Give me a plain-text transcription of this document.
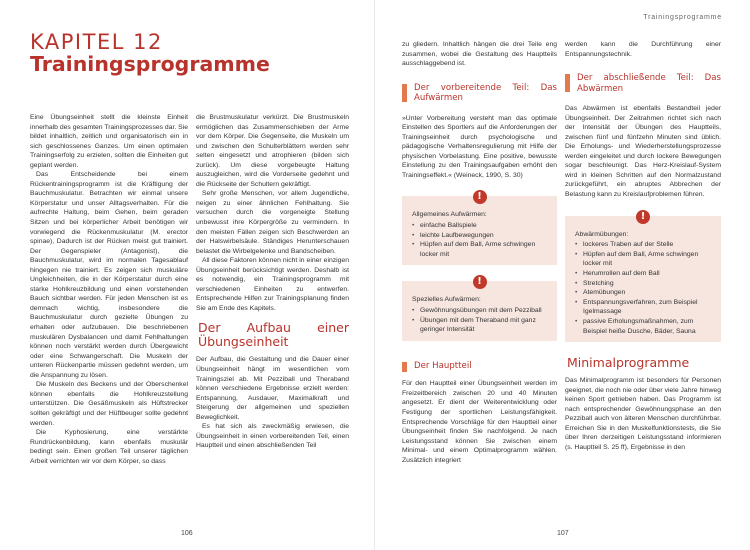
KAPITEL 12
Trainingsprogramme

Eine Übungseinheit stellt die kleinste Einheit innerhalb des gesamten Trainingsprozesses dar. Sie bildet inhaltlich, zeitlich und organisatorisch ein in sich geschlossenes Ganzes. Um einen optimalen Trainingserfolg zu erzielen, sollten die Einheiten gut geplant werden.

Das Entscheidende bei einem Rückentrainingsprogramm ist die Kräftigung der Bauchmuskulatur. Betrachten wir einmal unsere Körperstatur und unser Alltagsverhalten. Für die aufrechte Haltung, beim Gehen, beim geraden Sitzen und bei körperlicher Arbeit benötigen wir vorwiegend die Rückenmuskulatur (M. erector spinae), Dadurch ist der Rücken meist gut trainiert. Der Gegenspieler (Antagonist), die Bauchmuskulatur, wird im normalen Tagesablauf hingegen nie trainiert. Es zeigen sich muskuläre Ungleichheiten, die in der Körperstatur durch eine starke Hohlkreuzbildung und einen vorstehenden Bauch sichtbar werden. Für jeden Menschen ist es demnach wichtig, insbesondere die Bauchmuskulatur durch gezielte Übungen zu erhalten oder aufzubauen. Die beschriebenen muskulären Dysbalancen und damit Fehlhaltungen können noch verstärkt werden durch Übergewicht oder eine Schwangerschaft. Die Muskeln der unteren Rückenpartie müssen gedehnt werden, um die Anspannung zu lösen.

Die Muskeln des Beckens und der Oberschenkel können ebenfalls die Hohlkreuzstellung unterstützen. Die Gesäßmuskeln als Hüftstrecker sollten gekräftigt und der Hüftbeuger sollte gedehnt werden.

Die Kyphosierung, eine verstärkte Rundrückenbildung, kann ebenfalls muskulär bedingt sein. Einen großen Teil unserer täglichen Arbeit verrichten wir vor dem Körper, so dass

die Brustmuskulatur verkürzt. Die Brustmuskeln ermöglichen das Zusammenschieben der Arme vor dem Körper. Die Gegenseite, die Muskeln um und zwischen den Schulterblättern werden sehr selten eingesetzt und atrophieren (bilden sich zurück). Um diese vorgebeugte Haltung auszugleichen, wird die Vorderseite gedehnt und die Rückseite der Schultern gekräftigt.

Sehr große Menschen, vor allem Jugendliche, neigen zu einer ähnlichen Fehlhaltung. Sie versuchen durch die vorgeneigte Stellung unbewusst ihre Körpergröße zu vermindern. In den meisten Fällen zeigen sich Beschwerden an der Halswirbelsäule. Ständiges Herunterschauen belastet die Wirbelgelenke und Bandscheiben.

All diese Faktoren können nicht in einer einzigen Übungseinheit berücksichtigt werden. Deshalb ist es notwendig, ein Trainingsprogramm mit verschiedenen Einheiten zu entwerfen. Entsprechende Hilfen zur Trainingsplanung finden Sie am Ende des Kapitels.

Der Aufbau einer Übungseinheit

Der Aufbau, die Gestaltung und die Dauer einer Übungseinheit hängt im wesentlichen vom Trainingsziel ab. Mit Pezziball und Theraband können verschiedene Ergebnisse erzielt werden: Entspannung, Ausdauer, Maximalkraft und Steigerung der allgemeinen und speziellen Beweglichkeit.

Es hat sich als zweckmäßig erwiesen, die Übungseinheit in einen vorbereitenden Teil, einen Hauptteil und einen abschließenden Teil

106
Trainingsprogramme

zu gliedern. Inhaltlich hängen die drei Teile eng zusammen, wobei die Gestaltung des Hauptteils ausschlaggebend ist.

Der vorbereitende Teil: Das Aufwärmen

»Unter Vorbereitung versteht man das optimale Einstellen des Sportlers auf die Anforderungen der Trainingseinheit durch psychologische und pädagogische Verhaltensregulierung mit Hilfe der physischen Vorbelastung. Eine positive, bewusste Einstellung zu den Trainingsaufgaben erhöht den Trainingseffekt.« (Weineck, 1990, S. 30)

!
Allgemeines Aufwärmen:
• einfache Ballspiele
• leichte Laufbewegungen
• Hüpfen auf dem Ball, Arme schwingen locker mit
!
Spezielles Aufwärmen:
• Gewöhnungsübungen mit dem Pezziball
• Übungen mit dem Theraband mit ganz geringer Intensität
Der Hauptteil

Für den Hauptteil einer Übungseinheit werden im Freizeitbereich zwischen 20 und 40 Minuten angesetzt. Er dient der Weiterentwicklung oder Festigung der sportlichen Leistungsfähigkeit. Entsprechende Vorschläge für den Hauptteil einer Übungseinheit finden Sie nachfolgend. Je nach Leistungsstand können Sie zwischen einem Minimal- und einem Optimalprogramm wählen. Zusätzlich integriert

werden kann die Durchführung einer Entspannungstechnik.

Der abschließende Teil: Das Abwärmen

Das Abwärmen ist ebenfalls Bestandteil jeder Übungseinheit. Der Zeitrahmen richtet sich nach der Intensität der Übungen des Hauptteils, zwischen fünf und fünfzehn Minuten sind üblich. Die Erholungs- und Wiederherstellungsprozesse werden eingeleitet und durch lockere Bewegungen sogar beschleunigt. Das Herz-Kreislauf-System wird in kleinen Schritten auf den Normalzustand zurückgeführt, ein abruptes Abbrechen der Belastung kann zu Kreislaufproblemen führen.

!
Abwärmübungen:
• lockeres Traben auf der Stelle
• Hüpfen auf dem Ball, Arme schwingen locker mit
• Herumrollen auf dem Ball
• Stretching
• Atemübungen
• Entspannungsverfahren, zum Beispiel Igelmassage
• passive Erholungsmaßnahmen, zum Beispiel heiße Dusche, Bäder, Sauna
Minimalprogramme

Das Minimalprogramm ist besonders für Personen geeignet, die noch nie oder über viele Jahre hinweg keinen Sport getrieben haben. Das Programm ist nach entsprechender Gewöhnungsphase an den Pezziball auch von älteren Menschen durchführbar. Erreichen Sie in den Muskelfunktionstests, die Sie über Ihren derzeitigen Leistungsstand informieren (s. Hauptteil S. 25 ff), Ergebnisse in den

107
